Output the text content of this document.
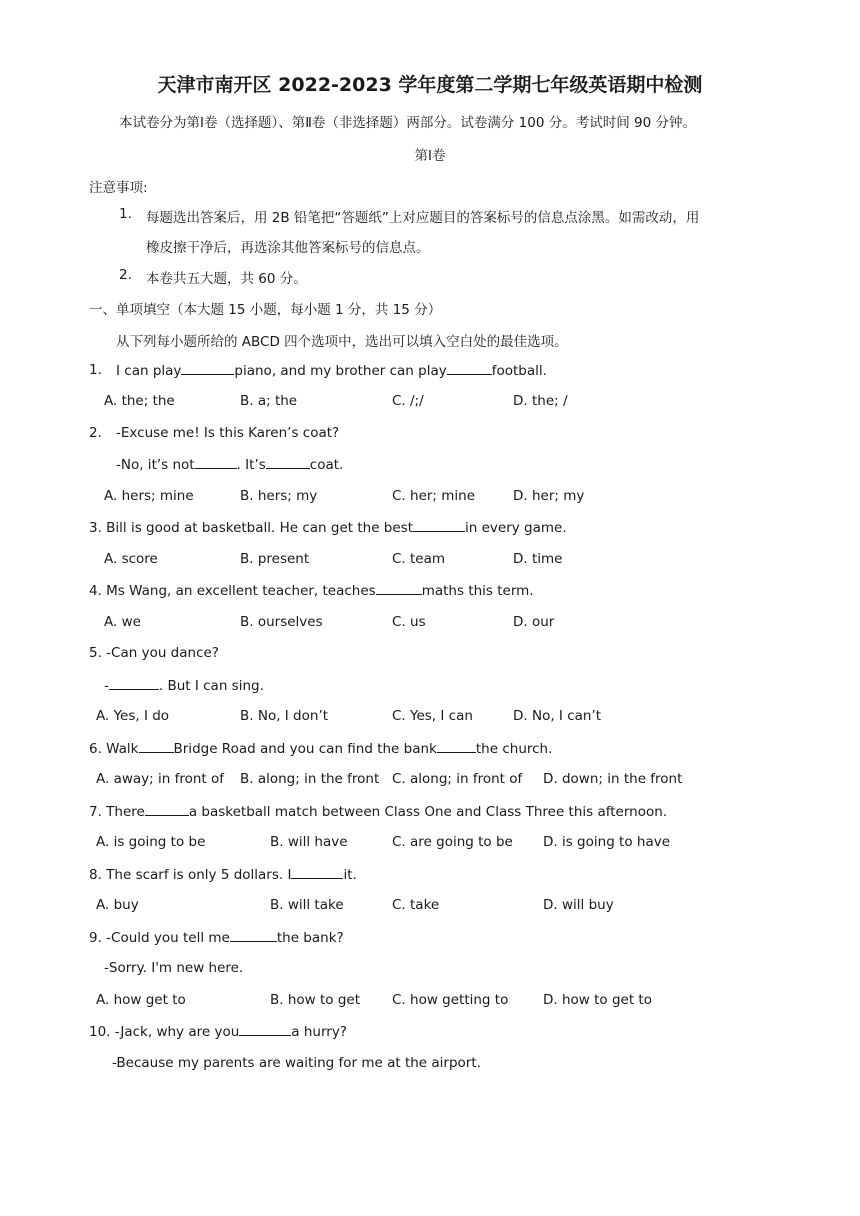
天津市南开区 2022-2023 学年度第二学期七年级英语期中检测
本试卷分为第Ⅰ卷（选择题）、第Ⅱ卷（非选择题）两部分。试卷满分 100 分。考试时间 90 分钟。
第Ⅰ卷
注意事项:
1. 每题选出答案后，用 2B 铅笔把“答题纸”上对应题目的答案标号的信息点涂黑。如需改动，用
橡皮擦干净后，再选涂其他答案标号的信息点。
2. 本卷共五大题，共 60 分。
一、单项填空（本大题 15 小题，每小题 1 分，共 15 分）
从下列每小题所给的 ABCD 四个选项中，选出可以填入空白处的最佳选项。
1. I can play	piano, and my brother can play	football.
A. the; the	B. a; the	C. /;/	D. the; /
2. -Excuse me! Is this Karen’s coat?
-No, it’s not	. It’s	coat.
A. hers; mine	B. hers; my	C. her; mine	D. her; my
3. Bill is good at basketball. He can get the best	in every game.
A. score	B. present	C. team	D. time
4. Ms Wang, an excellent teacher, teaches	maths this term.
A. we	B. ourselves	C. us	D. our
5. -Can you dance?
-	. But I can sing.
A. Yes, I do	B. No, I don’t	C. Yes, I can	D. No, I can’t
6. Walk	Bridge Road and you can find the bank	the church.
A. away; in front of B. along; in the front C. along; in front of D. down; in the front
7. There	a basketball match between Class One and Class Three this afternoon.
A. is going to be	B. will have	C. are going to be D. is going to have
8. The scarf is only 5 dollars. I	it.
A. buy	B. will take	C. take	D. will buy
9. -Could you tell me	the bank?
-Sorry. I'm new here.
A. how get to	B. how to get C. how getting to	D. how to get to
10. -Jack, why are you	a hurry?
-Because my parents are waiting for me at the airport.
